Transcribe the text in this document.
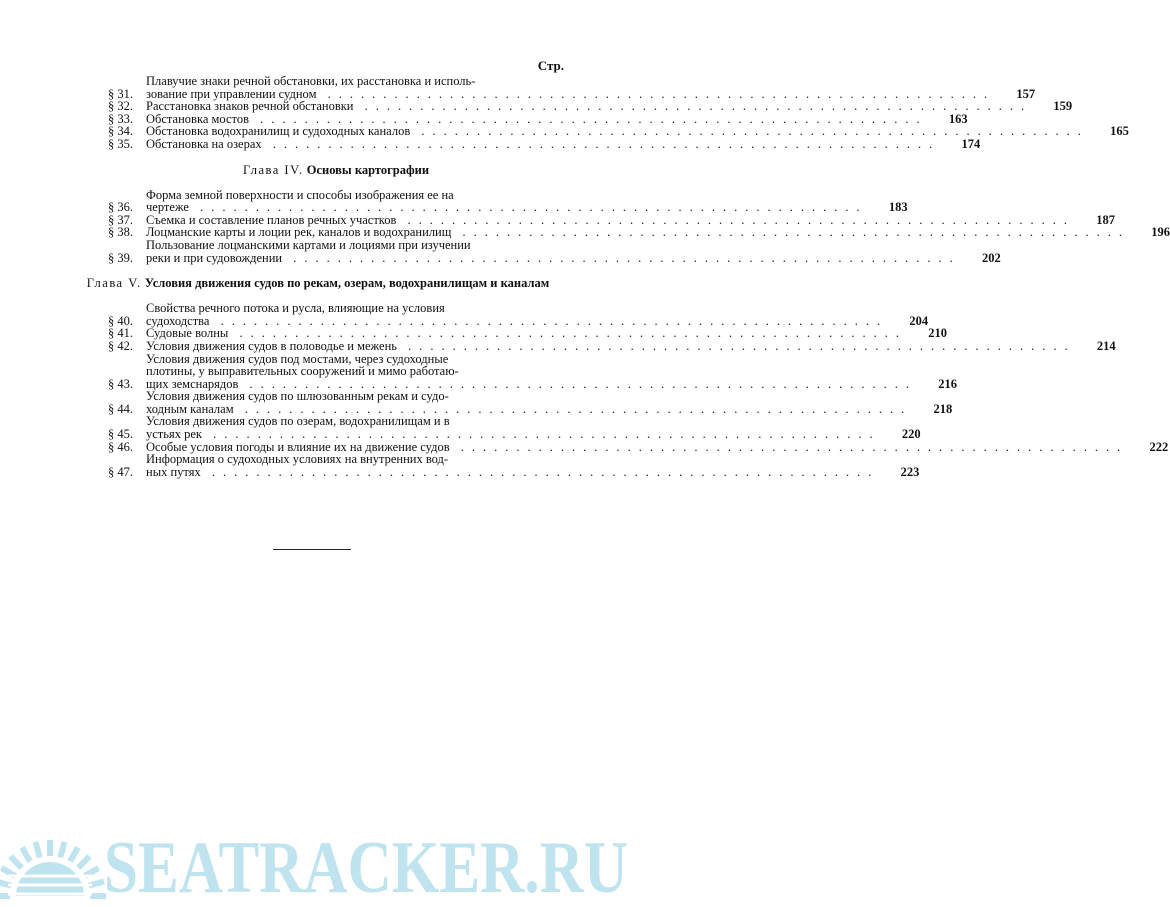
Стр.
§ 31.
Плавучие знаки речной обстановки, их расстановка и исполь-
зование при управлении судном ............................................................	157
§ 32.	Расстановка знаков речной обстановки ............................................................	159
§ 33.	Обстановка мостов ............................................................	163
§ 34.	Обстановка водохранилищ и судоходных каналов ............................................................	165
§ 35.	Обстановка на озерах ............................................................	174
Глава IV. Основы картографии
§ 36.
Форма земной поверхности и способы изображения ее на
чертеже ............................................................	183
§ 37.	Съемка и составление планов речных участков ............................................................	187
§ 38.	Лоцманские карты и лоции рек, каналов и водохранилищ ............................................................	196
§ 39.
Пользование лоцманскими картами и лоциями при изучении
реки и при судовождении ............................................................	202
Глава V. Условия движения судов по рекам, озерам, водохранилищам и каналам
§ 40.
Свойства речного потока и русла, влияющие на условия
судоходства ............................................................	204
§ 41.	Судовые волны ............................................................	210
§ 42.	Условия движения судов в половодье и межень ............................................................	214
§ 43.
Условия движения судов под мостами, через судоходные
плотины, у выправительных сооружений и мимо работаю-
щих земснарядов ............................................................	216
§ 44.
Условия движения судов по шлюзованным рекам и судо-
ходным каналам ............................................................	218
§ 45.
Условия движения судов по озерам, водохранилищам и в
устьях рек ............................................................	220
§ 46.	Особые условия погоды и влияние их на движение судов ............................................................	222
§ 47.
Информация о судоходных условиях на внутренних вод-
ных путях ............................................................	223
SEATRACKER.RU
